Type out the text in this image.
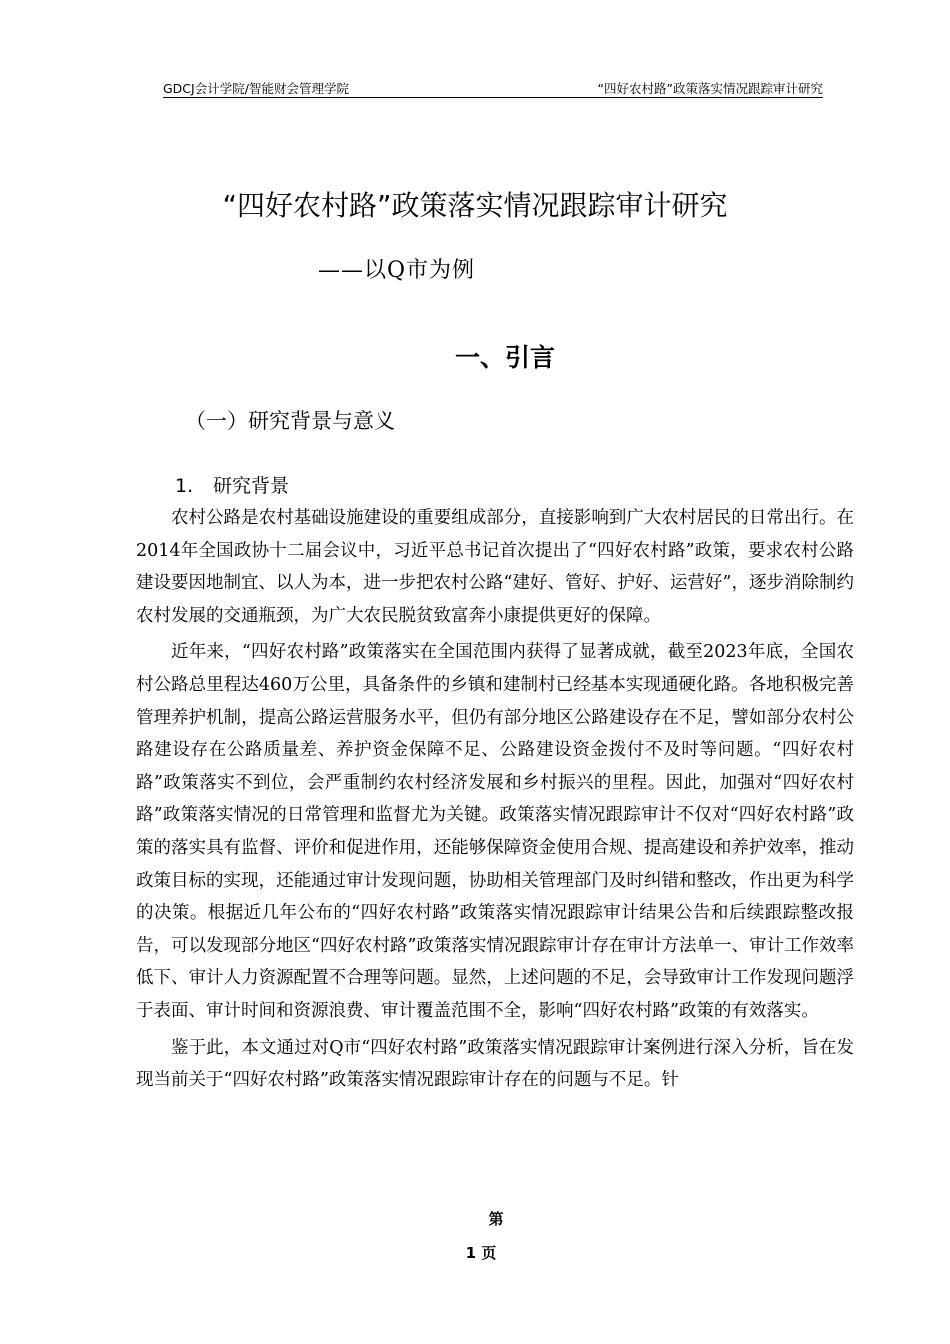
GDCJ会计学院/智能财会管理学院	“四好农村路”政策落实情况跟踪审计研究
“四好农村路”政策落实情况跟踪审计研究
——以Q市为例
一、引言
（一）研究背景与意义
1. 研究背景

农村公路是农村基础设施建设的重要组成部分，直接影响到广大农村居民的日常出行。在2014年全国政协十二届会议中，习近平总书记首次提出了“四好农村路”政策，要求农村公路建设要因地制宜、以人为本，进一步把农村公路“建好、管好、护好、运营好”，逐步消除制约农村发展的交通瓶颈，为广大农民脱贫致富奔小康提供更好的保障。

近年来，“四好农村路”政策落实在全国范围内获得了显著成就，截至2023年底，全国农村公路总里程达460万公里，具备条件的乡镇和建制村已经基本实现通硬化路。各地积极完善管理养护机制，提高公路运营服务水平，但仍有部分地区公路建设存在不足，譬如部分农村公路建设存在公路质量差、养护资金保障不足、公路建设资金拨付不及时等问题。“四好农村路”政策落实不到位，会严重制约农村经济发展和乡村振兴的里程。因此，加强对“四好农村路”政策落实情况的日常管理和监督尤为关键。政策落实情况跟踪审计不仅对“四好农村路”政策的落实具有监督、评价和促进作用，还能够保障资金使用合规、提高建设和养护效率，推动政策目标的实现，还能通过审计发现问题，协助相关管理部门及时纠错和整改，作出更为科学的决策。根据近几年公布的“四好农村路”政策落实情况跟踪审计结果公告和后续跟踪整改报告，可以发现部分地区“四好农村路”政策落实情况跟踪审计存在审计方法单一、审计工作效率低下、审计人力资源配置不合理等问题。显然，上述问题的不足，会导致审计工作发现问题浮于表面、审计时间和资源浪费、审计覆盖范围不全，影响“四好农村路”政策的有效落实。

鉴于此，本文通过对Q市“四好农村路”政策落实情况跟踪审计案例进行深入分析，旨在发现当前关于“四好农村路”政策落实情况跟踪审计存在的问题与不足。针

第
1 页
